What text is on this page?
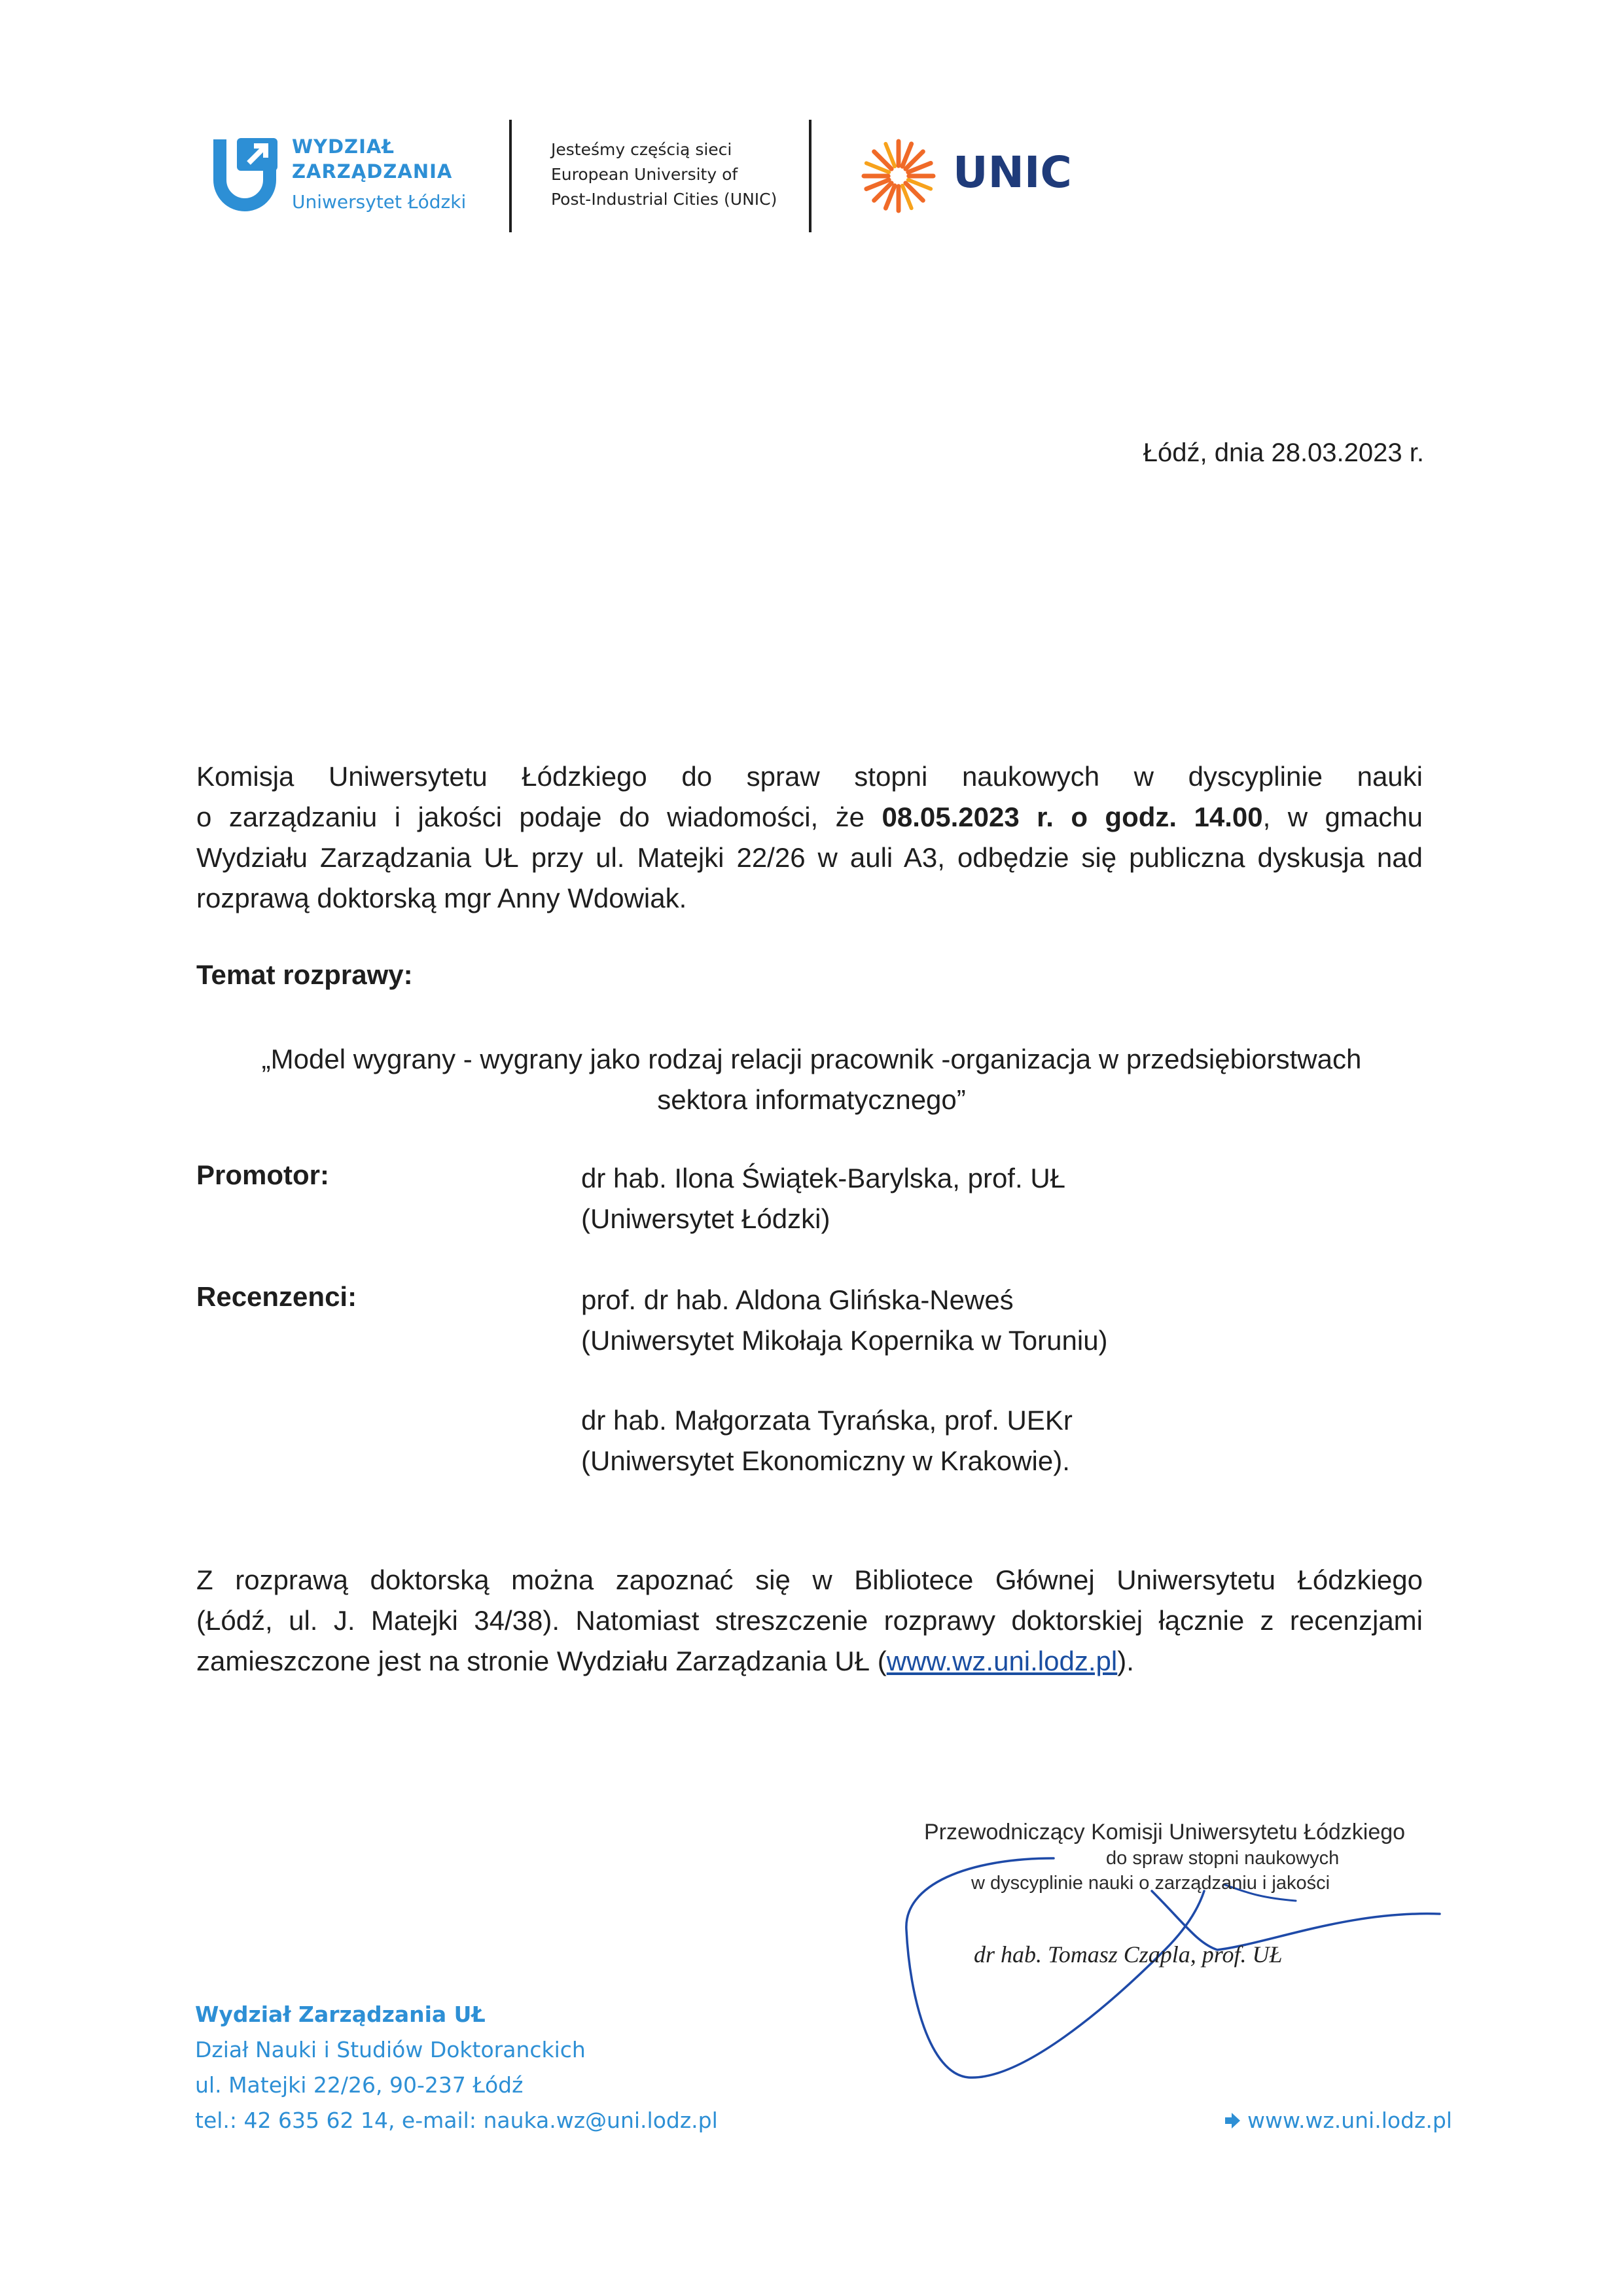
WYDZIAŁ
ZARZĄDZANIA
Uniwersytet Łódzki
Jesteśmy częścią sieci
European University of
Post-Industrial Cities (UNIC)
UNIC
Łódź, dnia 28.03.2023 r.
Komisja Uniwersytetu Łódzkiego do spraw stopni naukowych w dyscyplinie nauki
o zarządzaniu i jakości podaje do wiadomości, że 08.05.2023 r. o godz. 14.00, w gmachu
Wydziału Zarządzania UŁ przy ul. Matejki 22/26 w auli A3, odbędzie się publiczna dyskusja nad
rozprawą doktorską mgr Anny Wdowiak.
Temat rozprawy:
„Model wygrany - wygrany jako rodzaj relacji pracownik -organizacja w przedsiębiorstwach
sektora informatycznego”
Promotor:	dr hab. Ilona Świątek-Barylska, prof. UŁ
(Uniwersytet Łódzki)
Recenzenci:	prof. dr hab. Aldona Glińska-Neweś
(Uniwersytet Mikołaja Kopernika w Toruniu)
dr hab. Małgorzata Tyrańska, prof. UEKr
(Uniwersytet Ekonomiczny w Krakowie).
Z rozprawą doktorską można zapoznać się w Bibliotece Głównej Uniwersytetu Łódzkiego
(Łódź, ul. J. Matejki 34/38). Natomiast streszczenie rozprawy doktorskiej łącznie z recenzjami
zamieszczone jest na stronie Wydziału Zarządzania UŁ (www.wz.uni.lodz.pl).
Przewodniczący Komisji Uniwersytetu Łódzkiego
do spraw stopni naukowych
w dyscyplinie nauki o zarządzaniu i jakości
dr hab. Tomasz Czapla, prof. UŁ
Wydział Zarządzania UŁ
Dział Nauki i Studiów Doktoranckich
ul. Matejki 22/26, 90-237 Łódź
tel.: 42 635 62 14, e-mail: nauka.wz@uni.lodz.pl	www.wz.uni.lodz.pl
